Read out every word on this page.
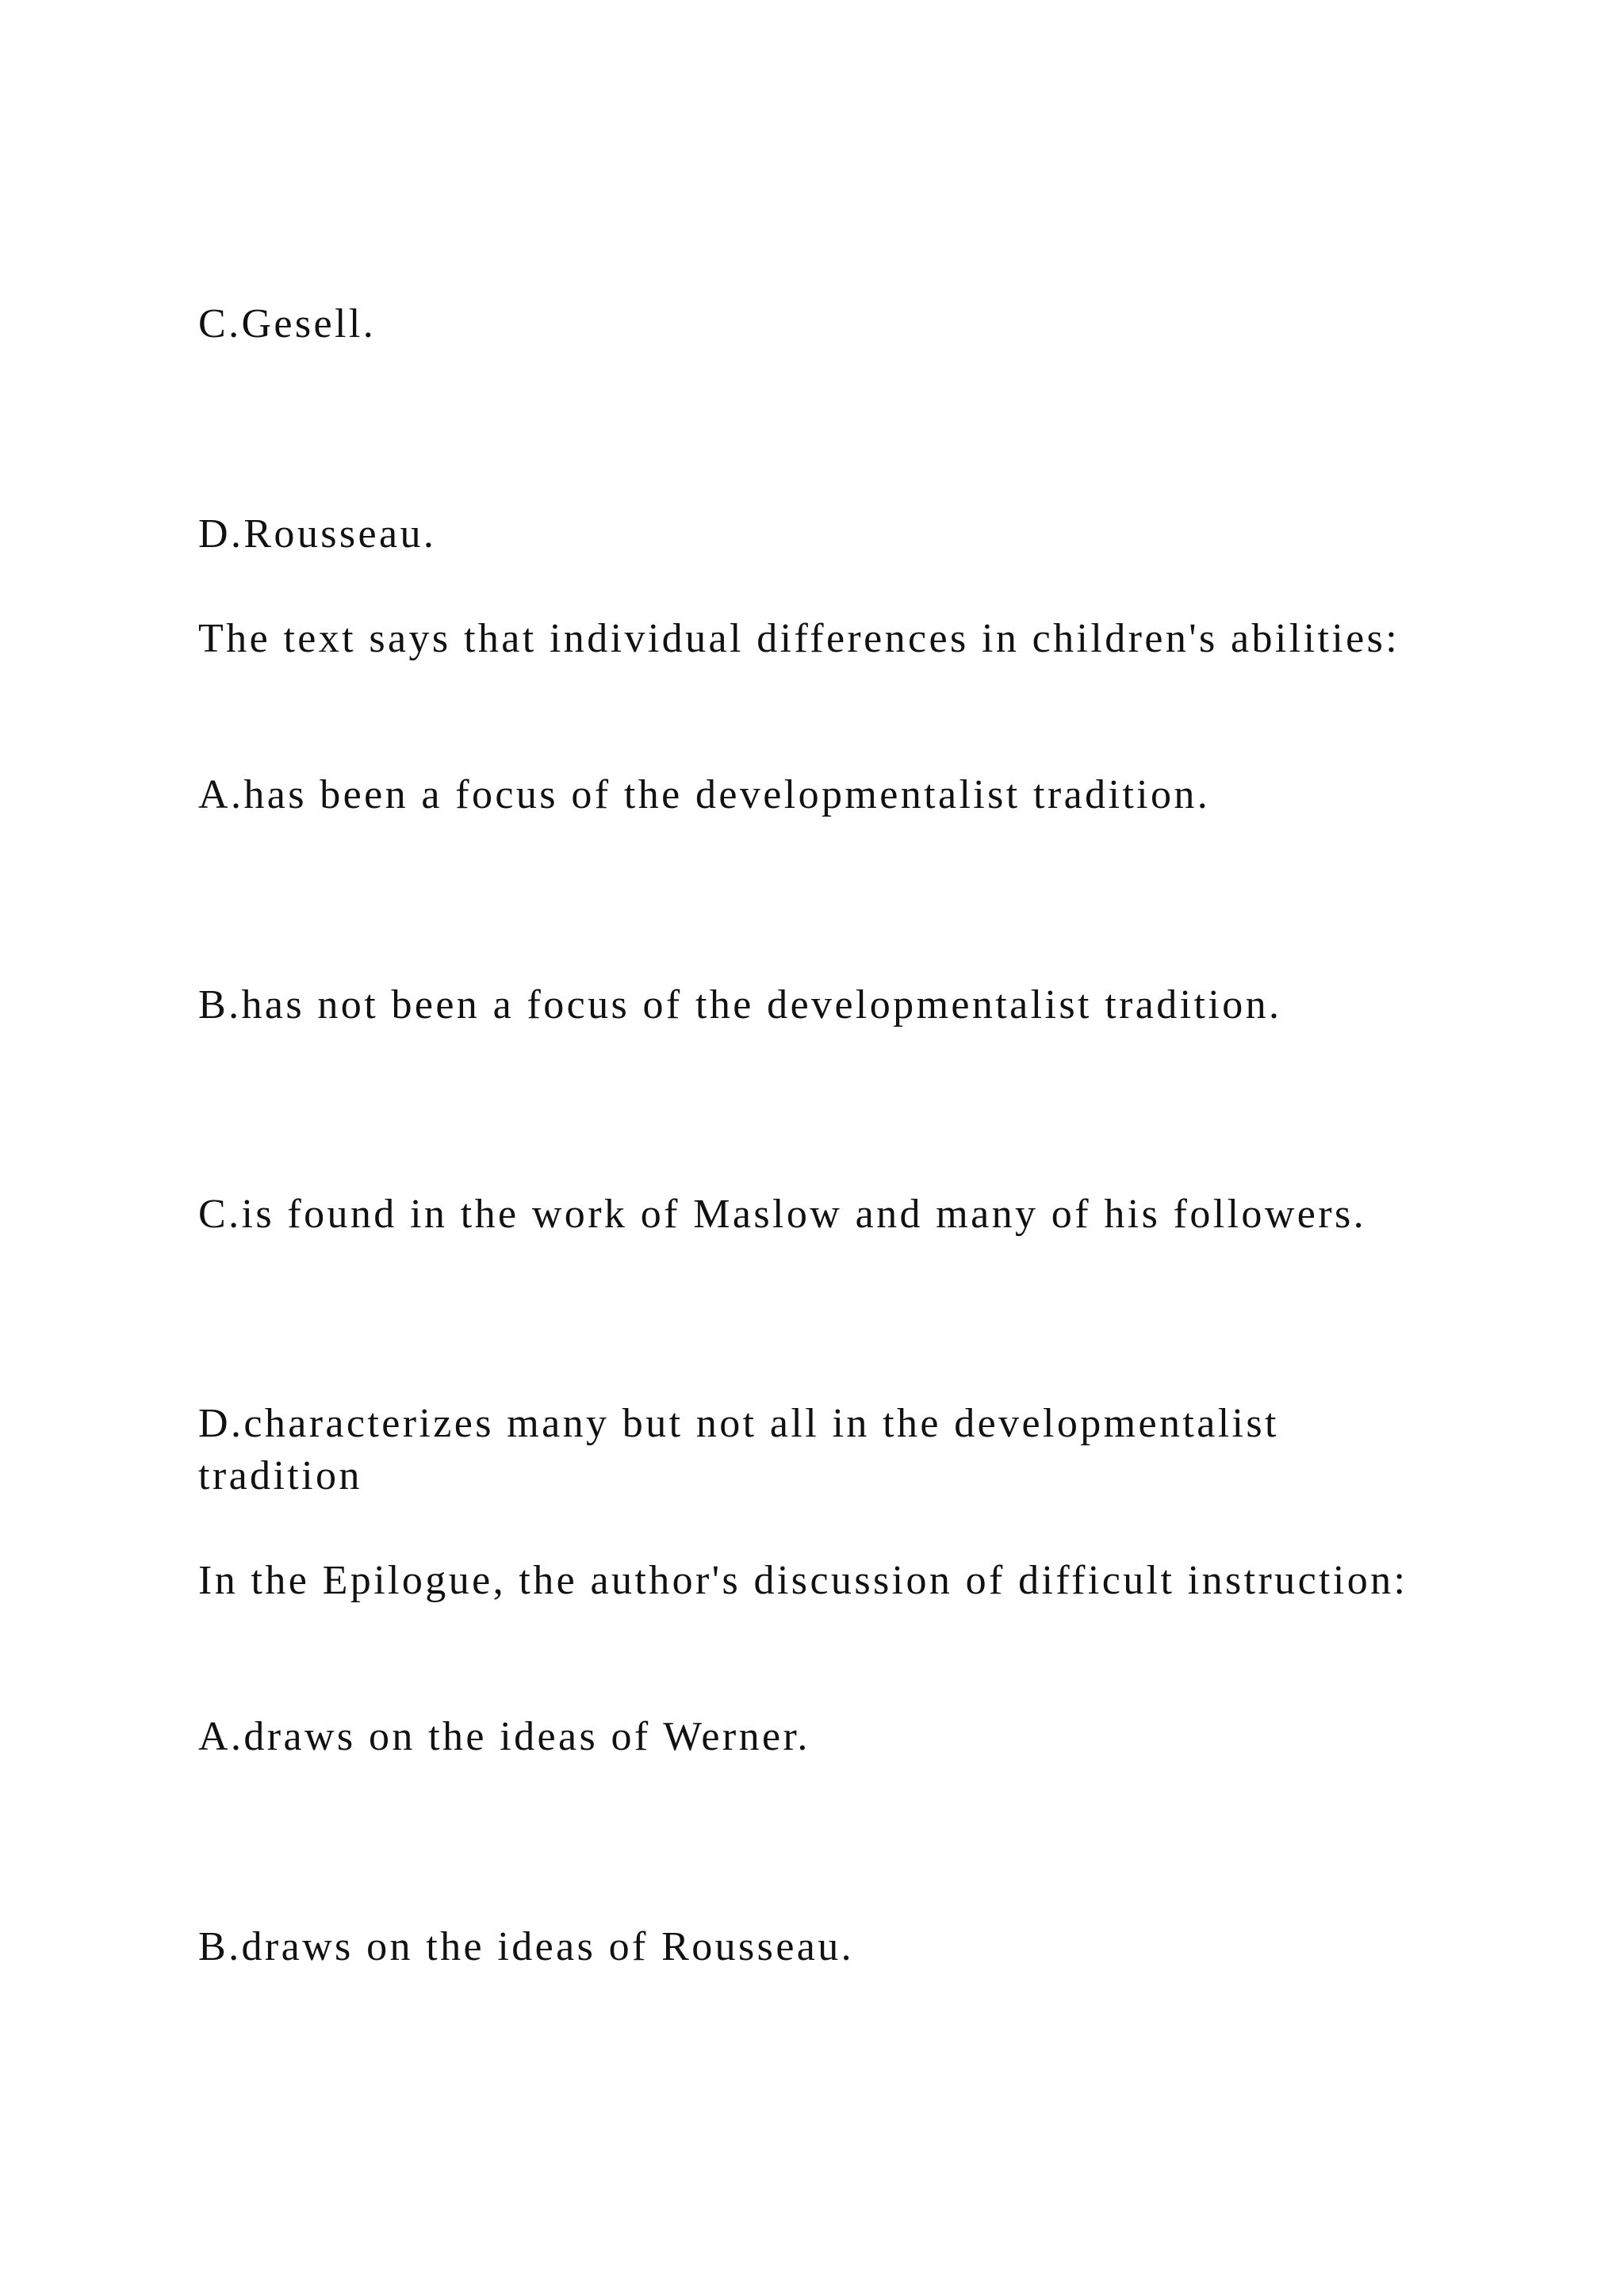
C.Gesell.

D.Rousseau.

The text says that individual differences in children's abilities:

A.has been a focus of the developmentalist tradition.

B.has not been a focus of the developmentalist tradition.

C.is found in the work of Maslow and many of his followers.

D.characterizes many but not all in the developmentalist

tradition

In the Epilogue, the author's discussion of difficult instruction:

A.draws on the ideas of Werner.

B.draws on the ideas of Rousseau.
